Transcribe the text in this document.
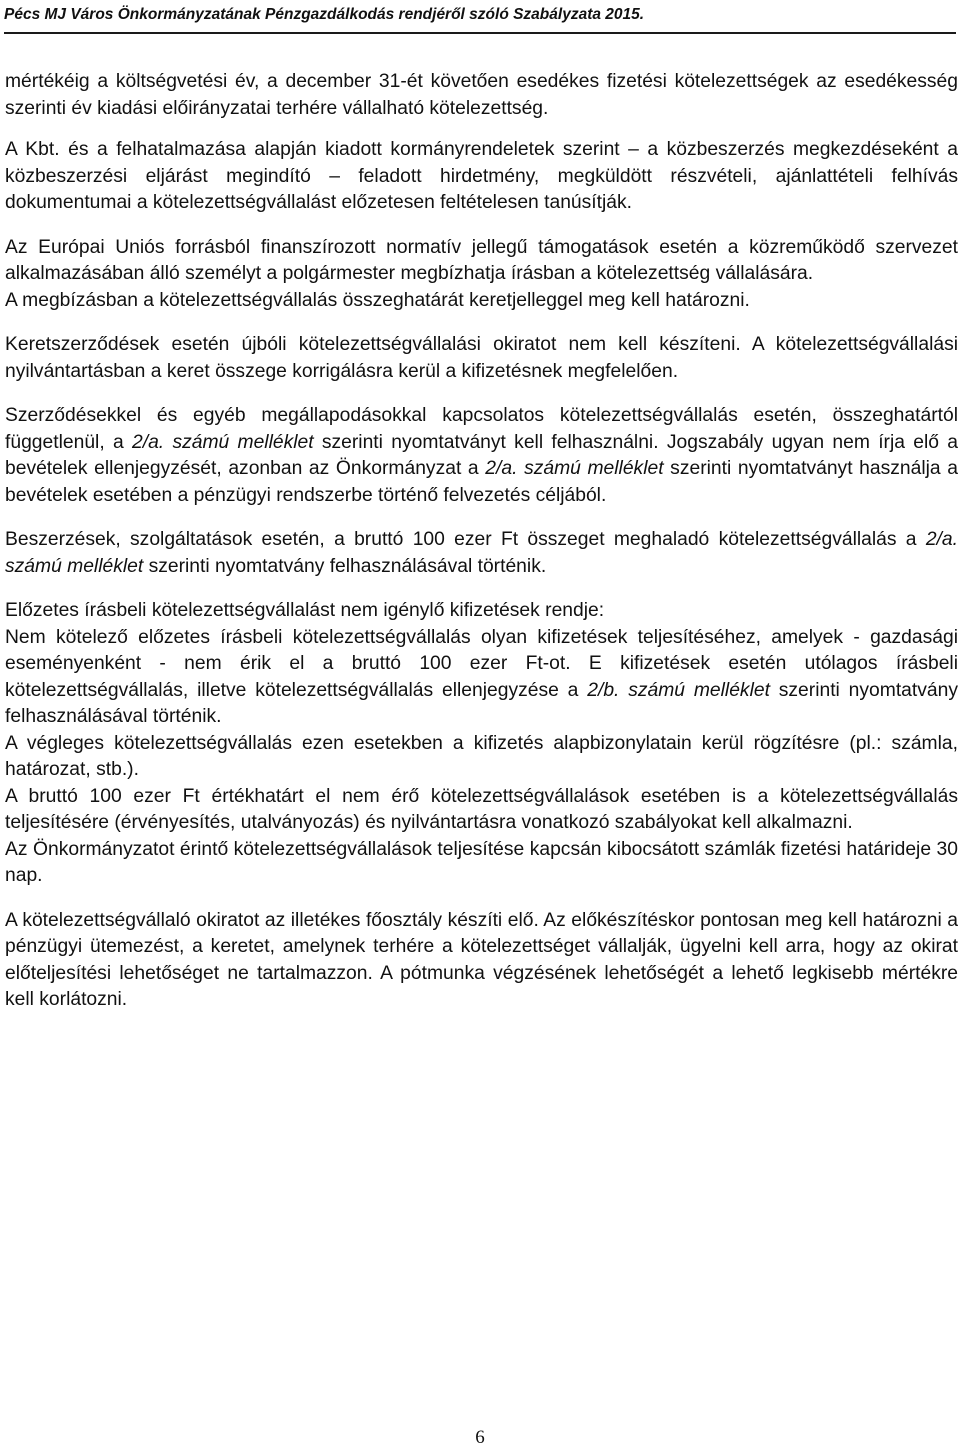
Pécs MJ Város Önkormányzatának Pénzgazdálkodás rendjéről szóló Szabályzata 2015.

mértékéig a költségvetési év, a december 31-ét követően esedékes fizetési kötelezettségek az esedékesség szerinti év kiadási előirányzatai terhére vállalható kötelezettség.

A Kbt. és a felhatalmazása alapján kiadott kormányrendeletek szerint – a közbeszerzés megkezdéseként a közbeszerzési eljárást megindító – feladott hirdetmény, megküldött részvételi, ajánlattételi felhívás dokumentumai a kötelezettségvállalást előzetesen feltételesen tanúsítják.

Az Európai Uniós forrásból finanszírozott normatív jellegű támogatások esetén a közreműködő szervezet alkalmazásában álló személyt a polgármester megbízhatja írásban a kötelezettség vállalására.

A megbízásban a kötelezettségvállalás összeghatárát keretjelleggel meg kell határozni.

Keretszerződések esetén újbóli kötelezettségvállalási okiratot nem kell készíteni. A kötelezettségvállalási nyilvántartásban a keret összege korrigálásra kerül a kifizetésnek megfelelően.

Szerződésekkel és egyéb megállapodásokkal kapcsolatos kötelezettségvállalás esetén, összeghatártól függetlenül, a 2/a. számú melléklet szerinti nyomtatványt kell felhasználni. Jogszabály ugyan nem írja elő a bevételek ellenjegyzését, azonban az Önkormányzat a 2/a. számú melléklet szerinti nyomtatványt használja a bevételek esetében a pénzügyi rendszerbe történő felvezetés céljából.

Beszerzések, szolgáltatások esetén, a bruttó 100 ezer Ft összeget meghaladó kötelezettségvállalás a 2/a. számú melléklet szerinti nyomtatvány felhasználásával történik.

Előzetes írásbeli kötelezettségvállalást nem igénylő kifizetések rendje:

Nem kötelező előzetes írásbeli kötelezettségvállalás olyan kifizetések teljesítéséhez, amelyek - gazdasági eseményenként - nem érik el a bruttó 100 ezer Ft-ot. E kifizetések esetén utólagos írásbeli kötelezettségvállalás, illetve kötelezettségvállalás ellenjegyzése a 2/b. számú melléklet szerinti nyomtatvány felhasználásával történik.

A végleges kötelezettségvállalás ezen esetekben a kifizetés alapbizonylatain kerül rögzítésre (pl.: számla, határozat, stb.).

A bruttó 100 ezer Ft értékhatárt el nem érő kötelezettségvállalások esetében is a kötelezettségvállalás teljesítésére (érvényesítés, utalványozás) és nyilvántartásra vonatkozó szabályokat kell alkalmazni.

Az Önkormányzatot érintő kötelezettségvállalások teljesítése kapcsán kibocsátott számlák fizetési határideje 30 nap.

A kötelezettségvállaló okiratot az illetékes főosztály készíti elő. Az előkészítéskor pontosan meg kell határozni a pénzügyi ütemezést, a keretet, amelynek terhére a kötelezettséget vállalják, ügyelni kell arra, hogy az okirat előteljesítési lehetőséget ne tartalmazzon. A pótmunka végzésének lehetőségét a lehető legkisebb mértékre kell korlátozni.

6
